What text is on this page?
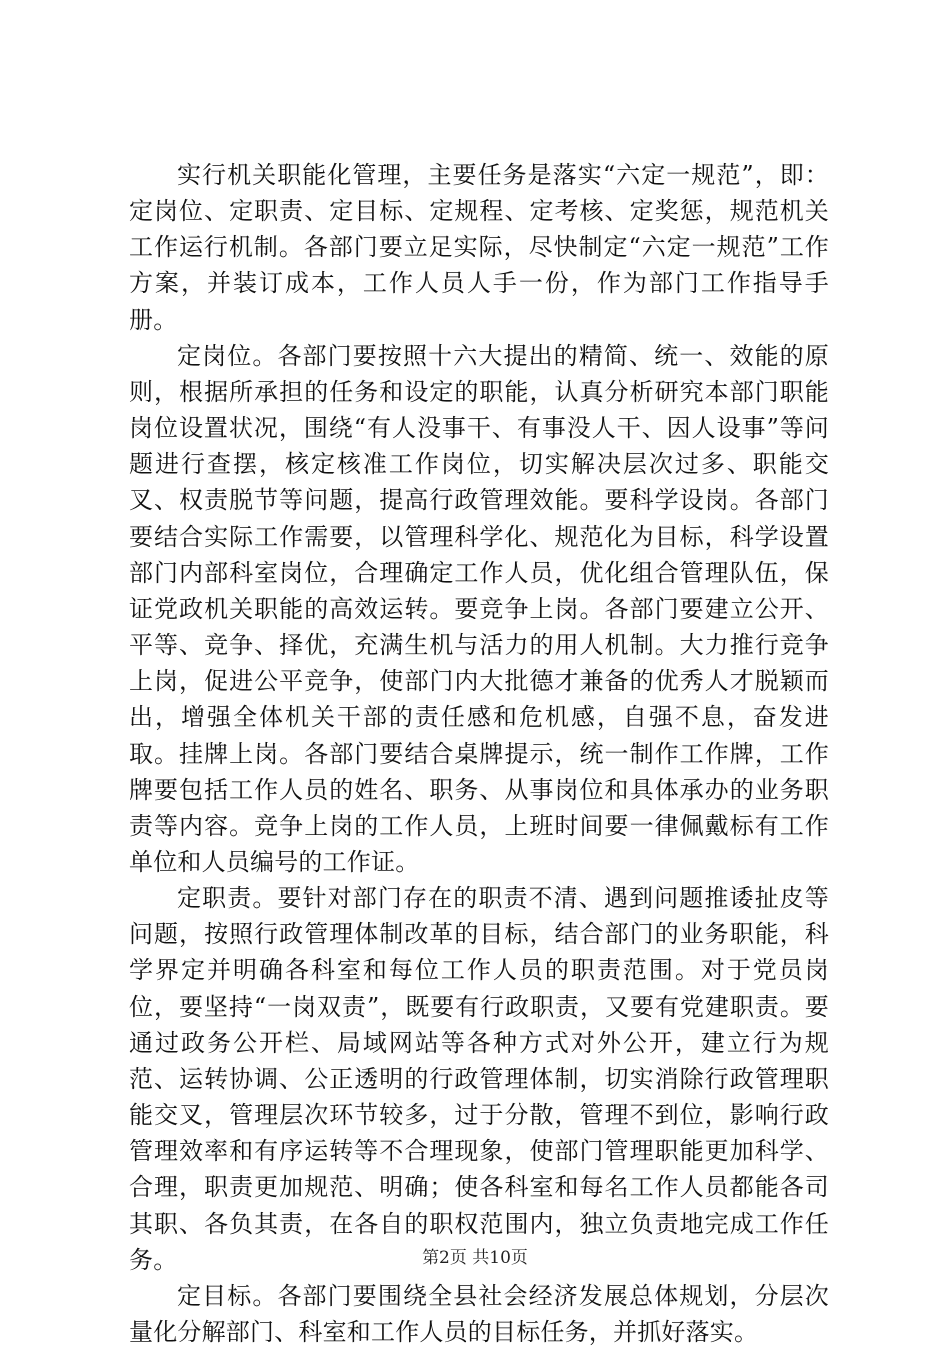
实行机关职能化管理，主要任务是落实“六定一规范”，即：定岗位、定职责、定目标、定规程、定考核、定奖惩，规范机关工作运行机制。各部门要立足实际，尽快制定“六定一规范”工作方案，并装订成本，工作人员人手一份，作为部门工作指导手册。

定岗位。各部门要按照十六大提出的精简、统一、效能的原则，根据所承担的任务和设定的职能，认真分析研究本部门职能岗位设置状况，围绕“有人没事干、有事没人干、因人设事”等问题进行查摆，核定核准工作岗位，切实解决层次过多、职能交叉、权责脱节等问题，提高行政管理效能。要科学设岗。各部门要结合实际工作需要，以管理科学化、规范化为目标，科学设置部门内部科室岗位，合理确定工作人员，优化组合管理队伍，保证党政机关职能的高效运转。要竞争上岗。各部门要建立公开、平等、竞争、择优，充满生机与活力的用人机制。大力推行竞争上岗，促进公平竞争，使部门内大批德才兼备的优秀人才脱颖而出，增强全体机关干部的责任感和危机感，自强不息，奋发进取。挂牌上岗。各部门要结合桌牌提示，统一制作工作牌，工作牌要包括工作人员的姓名、职务、从事岗位和具体承办的业务职责等内容。竞争上岗的工作人员，上班时间要一律佩戴标有工作单位和人员编号的工作证。

定职责。要针对部门存在的职责不清、遇到问题推诿扯皮等问题，按照行政管理体制改革的目标，结合部门的业务职能，科学界定并明确各科室和每位工作人员的职责范围。对于党员岗位，要坚持“一岗双责”，既要有行政职责，又要有党建职责。要通过政务公开栏、局域网站等各种方式对外公开，建立行为规范、运转协调、公正透明的行政管理体制，切实消除行政管理职能交叉，管理层次环节较多，过于分散，管理不到位，影响行政管理效率和有序运转等不合理现象，使部门管理职能更加科学、合理，职责更加规范、明确；使各科室和每名工作人员都能各司其职、各负其责，在各自的职权范围内，独立负责地完成工作任务。

定目标。各部门要围绕全县社会经济发展总体规划，分层次量化分解部门、科室和工作人员的目标任务，并抓好落实。

第2页 共10页
